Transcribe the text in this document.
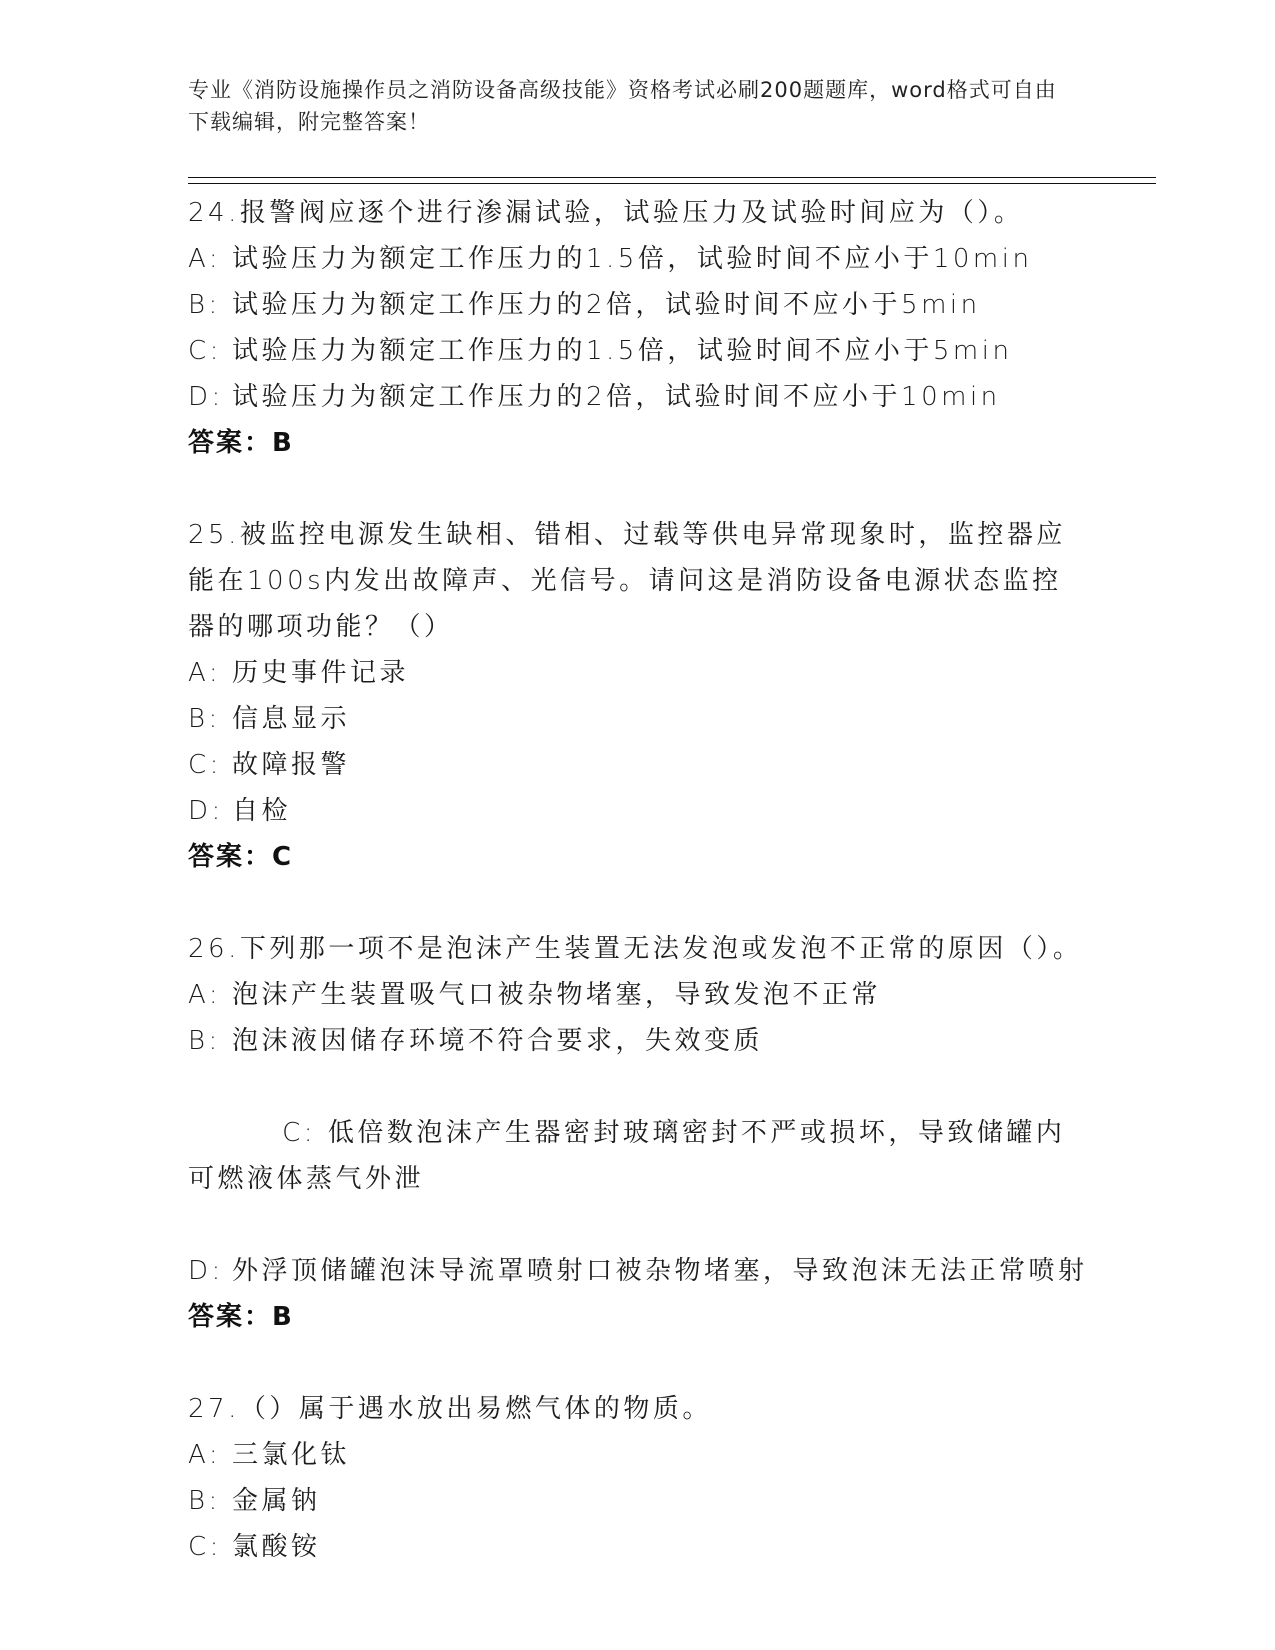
专业《消防设施操作员之消防设备高级技能》资格考试必刷200题题库，word格式可自由下载编辑，附完整答案！
24.报警阀应逐个进行渗漏试验，试验压力及试验时间应为（）。
A: 试验压力为额定工作压力的1.5倍，试验时间不应小于10min
B: 试验压力为额定工作压力的2倍，试验时间不应小于5min
C: 试验压力为额定工作压力的1.5倍，试验时间不应小于5min
D: 试验压力为额定工作压力的2倍，试验时间不应小于10min
答案：B
25.被监控电源发生缺相、错相、过载等供电异常现象时，监控器应能在100s内发出故障声、光信号。请问这是消防设备电源状态监控器的哪项功能？（）
A: 历史事件记录
B: 信息显示
C: 故障报警
D: 自检
答案：C
26.下列那一项不是泡沫产生装置无法发泡或发泡不正常的原因（）。
A: 泡沫产生装置吸气口被杂物堵塞，导致发泡不正常
B: 泡沫液因储存环境不符合要求，失效变质

C: 低倍数泡沫产生器密封玻璃密封不严或损坏，导致储罐内可燃液体蒸气外泄

D: 外浮顶储罐泡沫导流罩喷射口被杂物堵塞，导致泡沫无法正常喷射
答案：B
27.（）属于遇水放出易燃气体的物质。
A: 三氯化钛
B: 金属钠
C: 氯酸铵
